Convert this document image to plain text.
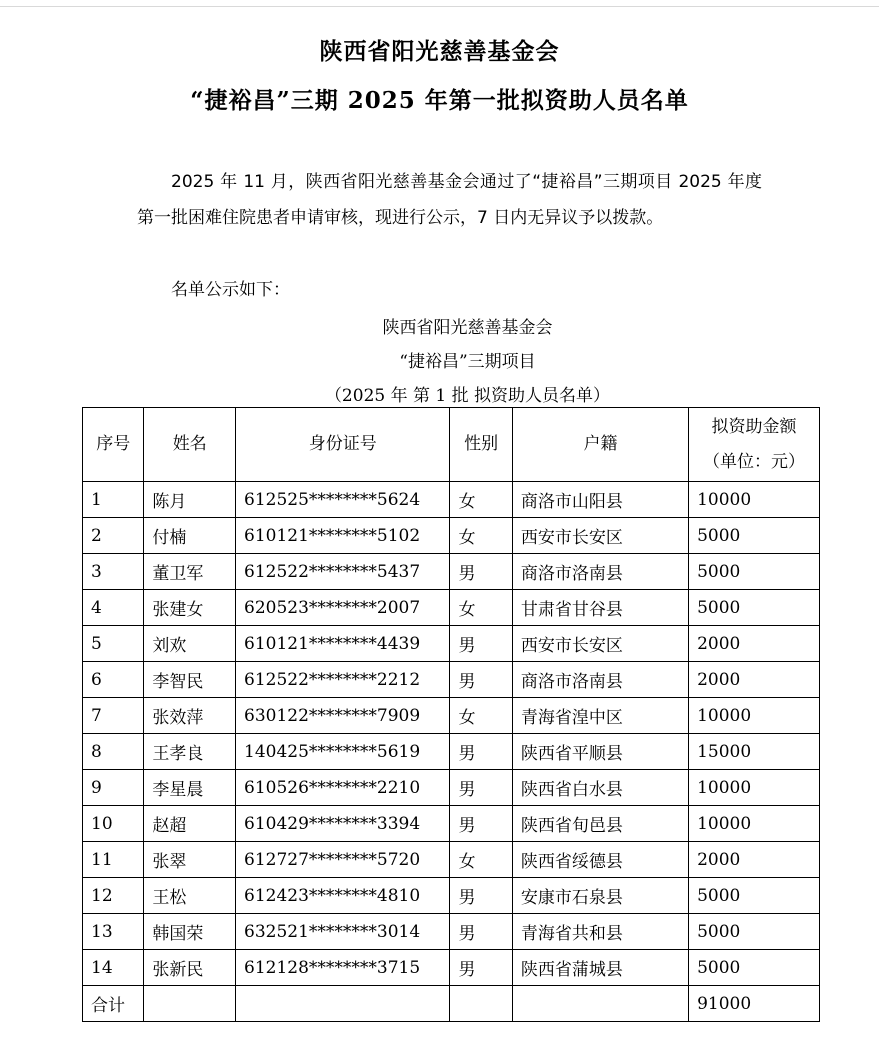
陕西省阳光慈善基金会
“捷裕昌”三期 2025 年第一批拟资助人员名单

2025 年 11 月，陕西省阳光慈善基金会通过了“捷裕昌”三期项目 2025 年度第一批困难住院患者申请审核，现进行公示，7 日内无异议予以拨款。

名单公示如下：

陕西省阳光慈善基金会
“捷裕昌”三期项目
（2025 年 第 1 批 拟资助人员名单）
序号	姓名	身份证号	性别	户籍	拟资助金额
（单位：元）

1	陈月	612525********5624	女	商洛市山阳县	10000
2	付楠	610121********5102	女	西安市长安区	5000
3	董卫军	612522********5437	男	商洛市洛南县	5000
4	张建女	620523********2007	女	甘肃省甘谷县	5000
5	刘欢	610121********4439	男	西安市长安区	2000
6	李智民	612522********2212	男	商洛市洛南县	2000
7	张效萍	630122********7909	女	青海省湟中区	10000
8	王孝良	140425********5619	男	陕西省平顺县	15000
9	李星晨	610526********2210	男	陕西省白水县	10000
10	赵超	610429********3394	男	陕西省旬邑县	10000
11	张翠	612727********5720	女	陕西省绥德县	2000
12	王松	612423********4810	男	安康市石泉县	5000
13	韩国荣	632521********3014	男	青海省共和县	5000
14	张新民	612128********3715	男	陕西省蒲城县	5000
合计					91000
